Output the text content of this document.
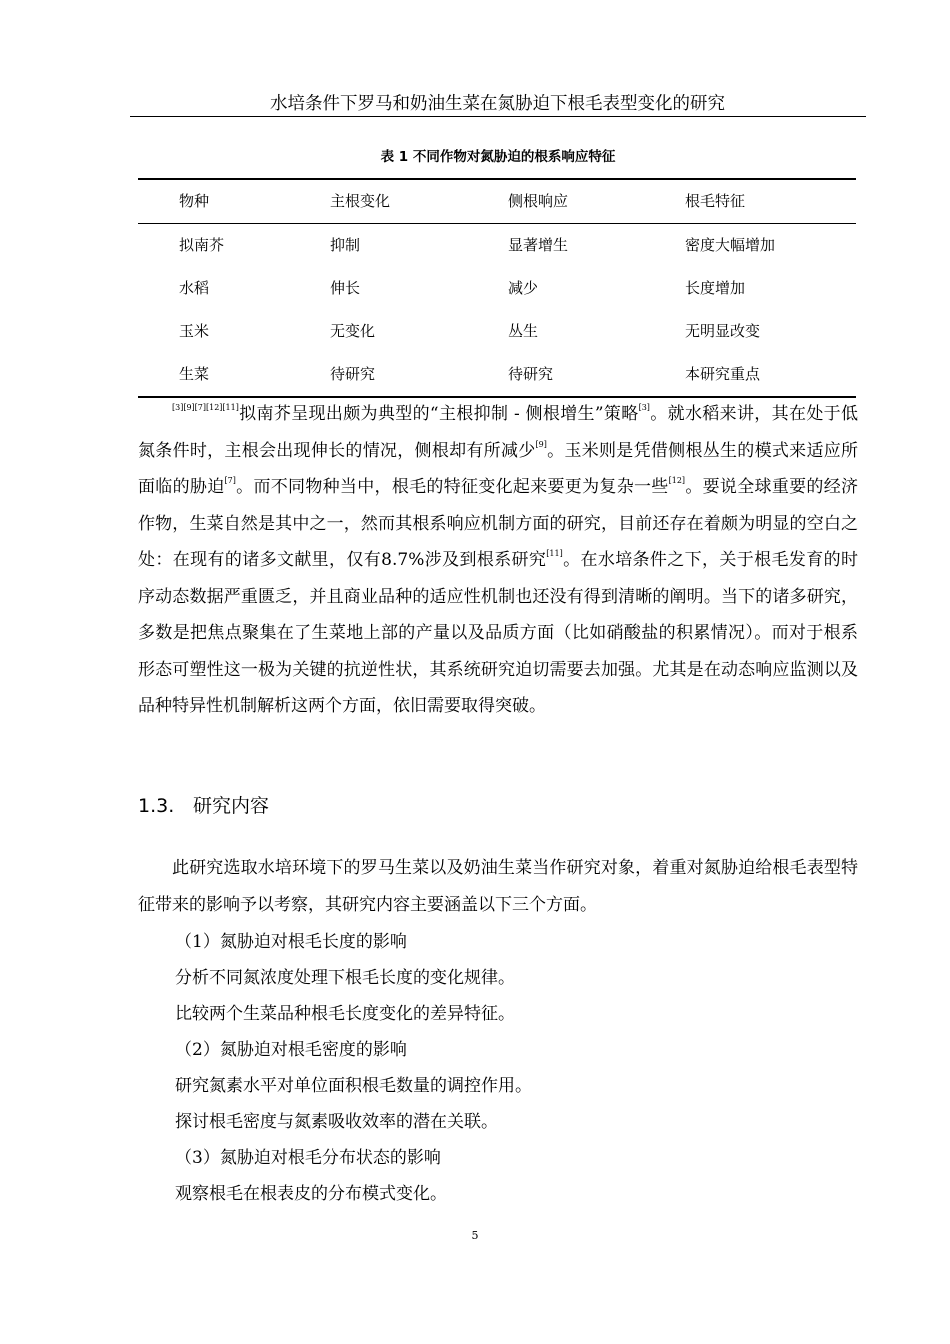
水培条件下罗马和奶油生菜在氮胁迫下根毛表型变化的研究
表 1 不同作物对氮胁迫的根系响应特征
物种	主根变化	侧根响应	根毛特征
拟南芥	抑制	显著增生	密度大幅增加
水稻	伸长	减少	长度增加
玉米	无变化	丛生	无明显改变
生菜	待研究	待研究	本研究重点

[3][9][7][12][11]拟南芥呈现出颇为典型的“主根抑制 - 侧根增生”策略[3]。就水稻来讲，其在处于低氮条件时，主根会出现伸长的情况，侧根却有所减少[9]。玉米则是凭借侧根丛生的模式来适应所面临的胁迫[7]。而不同物种当中，根毛的特征变化起来要更为复杂一些[12]。要说全球重要的经济作物，生菜自然是其中之一，然而其根系响应机制方面的研究，目前还存在着颇为明显的空白之处：在现有的诸多文献里，仅有8.7%涉及到根系研究[11]。在水培条件之下，关于根毛发育的时序动态数据严重匮乏，并且商业品种的适应性机制也还没有得到清晰的阐明。当下的诸多研究，多数是把焦点聚集在了生菜地上部的产量以及品质方面（比如硝酸盐的积累情况）。而对于根系形态可塑性这一极为关键的抗逆性状，其系统研究迫切需要去加强。尤其是在动态响应监测以及品种特异性机制解析这两个方面，依旧需要取得突破。

1.3. 研究内容

此研究选取水培环境下的罗马生菜以及奶油生菜当作研究对象，着重对氮胁迫给根毛表型特征带来的影响予以考察，其研究内容主要涵盖以下三个方面。

（1）氮胁迫对根毛长度的影响
分析不同氮浓度处理下根毛长度的变化规律。
比较两个生菜品种根毛长度变化的差异特征。
（2）氮胁迫对根毛密度的影响
研究氮素水平对单位面积根毛数量的调控作用。
探讨根毛密度与氮素吸收效率的潜在关联。
（3）氮胁迫对根毛分布状态的影响
观察根毛在根表皮的分布模式变化。
5
